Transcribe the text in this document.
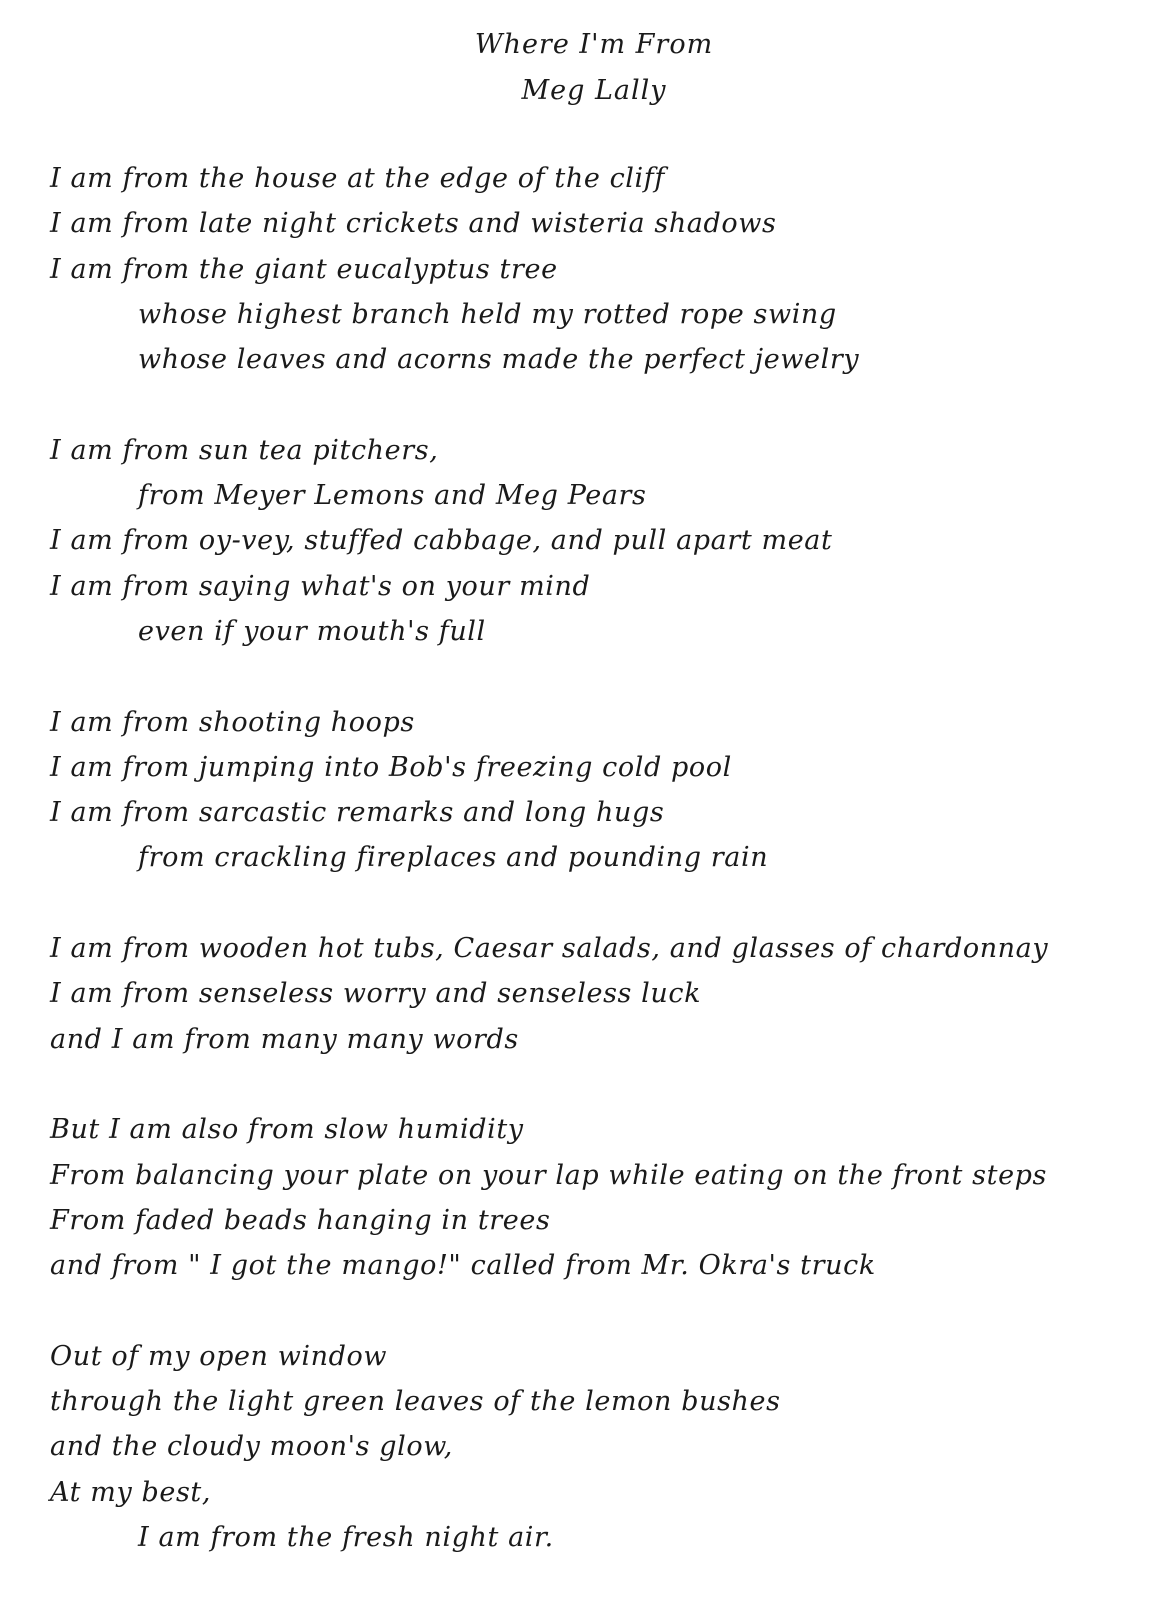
Where I'm From
Meg Lally
I am from the house at the edge of the cliff
I am from late night crickets and wisteria shadows
I am from the giant eucalyptus tree
whose highest branch held my rotted rope swing
whose leaves and acorns made the perfect jewelry
I am from sun tea pitchers,
from Meyer Lemons and Meg Pears
I am from oy-vey, stuffed cabbage, and pull apart meat
I am from saying what's on your mind
even if your mouth's full
I am from shooting hoops
I am from jumping into Bob's freezing cold pool
I am from sarcastic remarks and long hugs
from crackling fireplaces and pounding rain
I am from wooden hot tubs, Caesar salads, and glasses of chardonnay
I am from senseless worry and senseless luck
and I am from many many words
But I am also from slow humidity
From balancing your plate on your lap while eating on the front steps
From faded beads hanging in trees
and from " I got the mango!" called from Mr. Okra's truck
Out of my open window
through the light green leaves of the lemon bushes
and the cloudy moon's glow,
At my best,
I am from the fresh night air.
